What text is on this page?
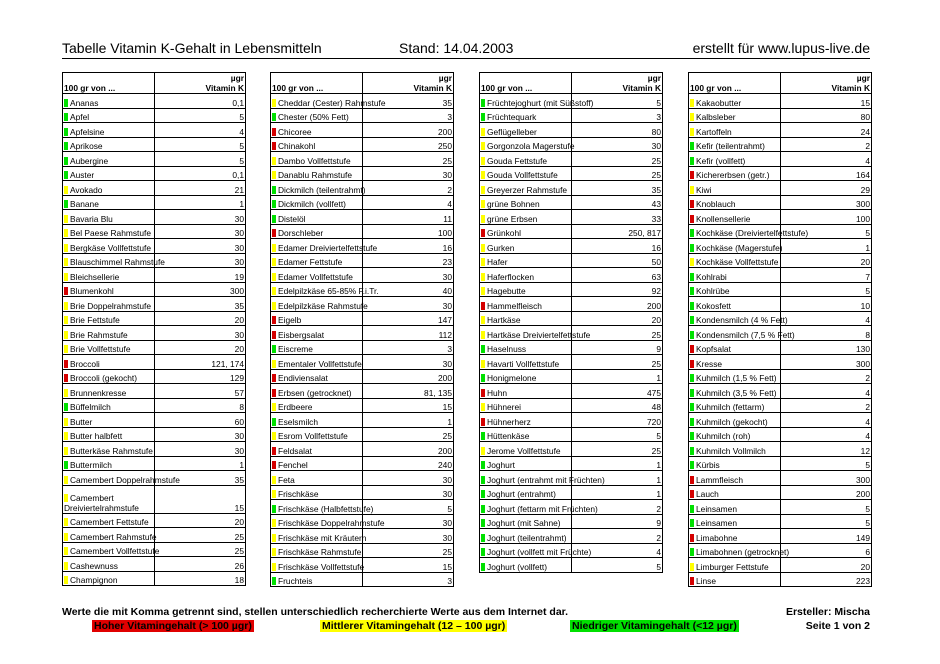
Tabelle Vitamin K-Gehalt in Lebensmitteln	Stand: 14.04.2003	erstellt für www.lupus-live.de
100 gr von ...	µgr
Vitamin K

Ananas	0,1
Apfel	5
Apfelsine	4
Aprikose	5
Aubergine	5
Auster	0,1
Avokado	21
Banane	1
Bavaria Blu	30
Bel Paese Rahmstufe	30
Bergkäse Vollfettstufe	30
Blauschimmel Rahmstufe	30
Bleichsellerie	19
Blumenkohl	300
Brie Doppelrahmstufe	35
Brie Fettstufe	20
Brie Rahmstufe	30
Brie Vollfettstufe	20
Broccoli	121, 174
Broccoli (gekocht)	129
Brunnenkresse	57
Büffelmilch	8
Butter	60
Butter halbfett	30
Butterkäse Rahmstufe	30
Buttermilch	1
Camembert Doppelrahmstufe	35
Camembert Dreiviertelrahmstufe	15
Camembert Fettstufe	20
Camembert Rahmstufe	25
Camembert Vollfettstufe	25
Cashewnuss	26
Champignon	18
100 gr von ...	µgr
Vitamin K

Cheddar (Cester) Rahmstufe	35
Chester (50% Fett)	3
Chicoree	200
Chinakohl	250
Dambo Vollfettstufe	25
Danablu Rahmstufe	30
Dickmilch (teilentrahmt)	2
Dickmilch (vollfett)	4
Distelöl	11
Dorschleber	100
Edamer Dreiviertelfettstufe	16
Edamer Fettstufe	23
Edamer Vollfettstufe	30
Edelpilzkäse 65-85% F.i.Tr.	40
Edelpilzkäse Rahmstufe	30
Eigelb	147
Eisbergsalat	112
Eiscreme	3
Ementaler Vollfettstufe	30
Endiviensalat	200
Erbsen (getrocknet)	81, 135
Erdbeere	15
Eselsmilch	1
Esrom Vollfettstufe	25
Feldsalat	200
Fenchel	240
Feta	30
Frischkäse	30
Frischkäse (Halbfettstufe)	5
Frischkäse Doppelrahmstufe	30
Frischkäse mit Kräutern	30
Frischkäse Rahmstufe	25
Frischkäse Vollfettstufe	15
Fruchteis	3
100 gr von ...	µgr
Vitamin K

Früchtejoghurt (mit Süßstoff)	5
Früchtequark	3
Geflügelleber	80
Gorgonzola Magerstufe	30
Gouda Fettstufe	25
Gouda Vollfettstufe	25
Greyerzer Rahmstufe	35
grüne Bohnen	43
grüne Erbsen	33
Grünkohl	250, 817
Gurken	16
Hafer	50
Haferflocken	63
Hagebutte	92
Hammelfleisch	200
Hartkäse	20
Hartkäse Dreiviertelfettstufe	25
Haselnuss	9
Havarti Vollfettstufe	25
Honigmelone	1
Huhn	475
Hühnerei	48
Hühnerherz	720
Hüttenkäse	5
Jerome Vollfettstufe	25
Joghurt	1
Joghurt (entrahmt mit Früchten)	1
Joghurt (entrahmt)	1
Joghurt (fettarm mit Früchten)	2
Joghurt (mit Sahne)	9
Joghurt (teilentrahmt)	2
Joghurt (vollfett mit Früchte)	4
Joghurt (vollfett)	5
100 gr von ...	µgr
Vitamin K

Kakaobutter	15
Kalbsleber	80
Kartoffeln	24
Kefir (teilentrahmt)	2
Kefir (vollfett)	4
Kichererbsen (getr.)	164
Kiwi	29
Knoblauch	300
Knollensellerie	100
Kochkäse (Dreiviertelfettstufe)	5
Kochkäse (Magerstufe)	1
Kochkäse Vollfettstufe	20
Kohlrabi	7
Kohlrübe	5
Kokosfett	10
Kondensmilch (4 % Fett)	4
Kondensmilch (7,5 % Fett)	8
Kopfsalat	130
Kresse	300
Kuhmilch (1,5 % Fett)	2
Kuhmilch (3,5 % Fett)	4
Kuhmilch (fettarm)	2
Kuhmilch (gekocht)	4
Kuhmilch (roh)	4
Kuhmilch Vollmilch	12
Kürbis	5
Lammfleisch	300
Lauch	200
Leinsamen	5
Leinsamen	5
Limabohne	149
Limabohnen (getrocknet)	6
Limburger Fettstufe	20
Linse	223
Werte die mit Komma getrennt sind, stellen unterschiedlich recherchierte Werte aus dem Internet dar.	Ersteller: Mischa
Seite 1 von 2
Hoher Vitamingehalt (> 100 µgr)	Mittlerer Vitamingehalt (12 – 100 µgr)	Niedriger Vitamingehalt (<12 µgr)
